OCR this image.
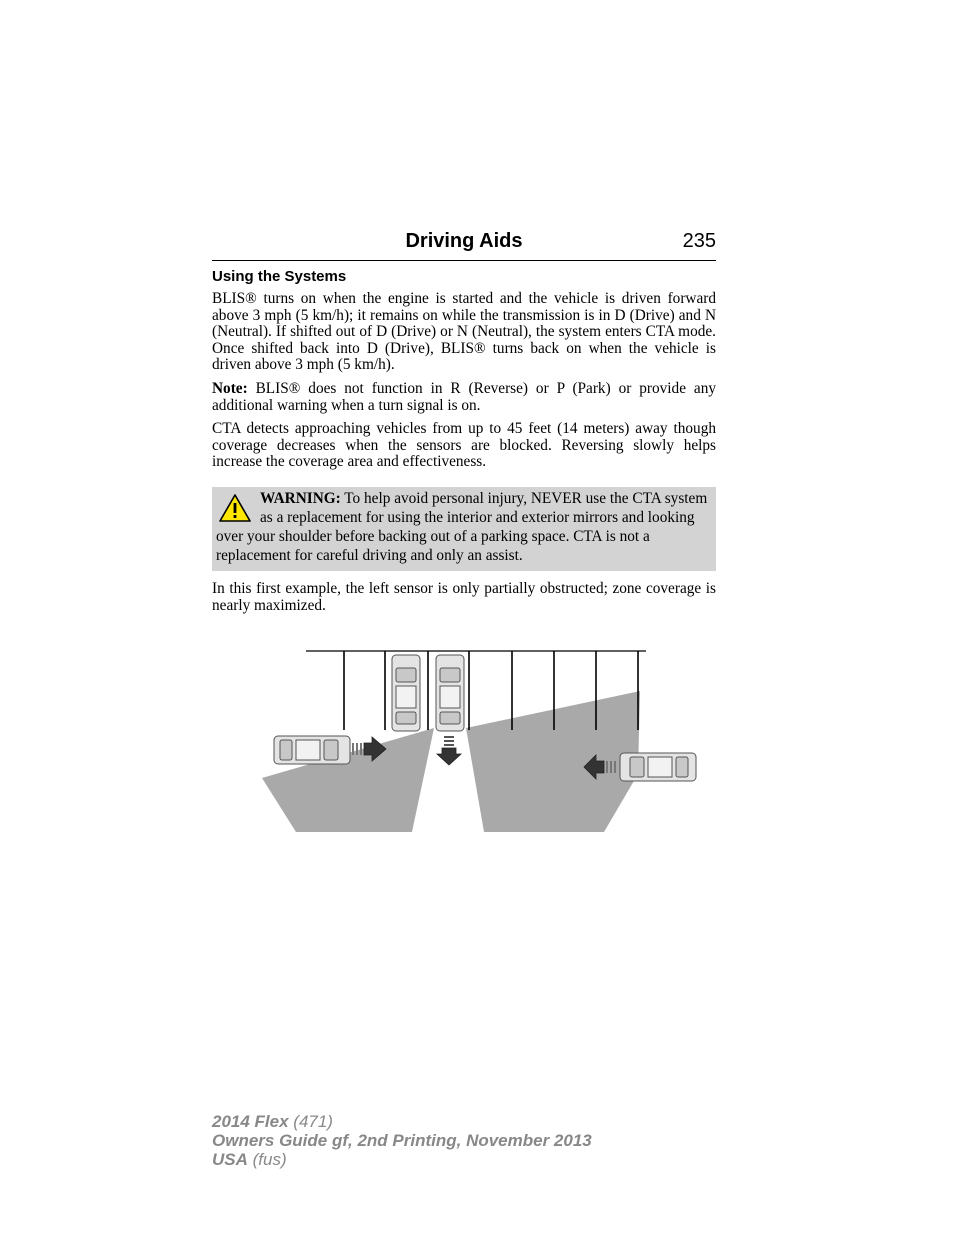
Driving Aids	235
Using the Systems

BLIS® turns on when the engine is started and the vehicle is driven forward above 3 mph (5 km/h); it remains on while the transmission is in D (Drive) and N (Neutral). If shifted out of D (Drive) or N (Neutral), the system enters CTA mode. Once shifted back into D (Drive), BLIS® turns back on when the vehicle is driven above 3 mph (5 km/h).

Note: BLIS® does not function in R (Reverse) or P (Park) or provide any additional warning when a turn signal is on.

CTA detects approaching vehicles from up to 45 feet (14 meters) away though coverage decreases when the sensors are blocked. Reversing slowly helps increase the coverage area and effectiveness.

WARNING: To help avoid personal injury, NEVER use the CTA system as a replacement for using the interior and exterior mirrors and looking over your shoulder before backing out of a parking space. CTA is not a replacement for careful driving and only an assist.

In this first example, the left sensor is only partially obstructed; zone coverage is nearly maximized.

2014 Flex (471)
Owners Guide gf, 2nd Printing, November 2013
USA (fus)
